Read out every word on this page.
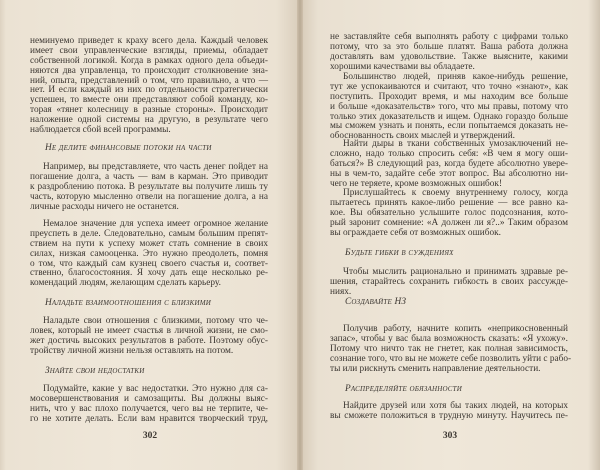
неминуемо приведет к краху всего дела. Каждый человек
имеет свои управленческие взгляды, приемы, обладает
собственной логикой. Когда в рамках одного дела объеди-
няются два управленца, то происходит столкновение зна-
ний, опыта, представлений о том, что правильно, а что —
нет. И если каждый из них по отдельности стратегически
успешен, то вместе они представляют собой команду, ко-
торая «тянет колесницу в разные стороны». Происходит
наложение одной системы на другую, в результате чего
наблюдается сбой всей программы.
Не делите финансовые потоки на части
Например, вы представляете, что часть денег пойдет на
погашение долга, а часть — вам в карман. Это приводит
к раздроблению потока. В результате вы получите лишь ту
часть, которую мысленно отвели на погашение долга, а на
личные расходы ничего не останется.
Немалое значение для успеха имеет огромное желание
преуспеть в деле. Следовательно, самым большим препят-
ствием на пути к успеху может стать сомнение в своих
силах, низкая самооценка. Это нужно преодолеть, помня
о том, что каждый сам кузнец своего счастья и, соответ-
ственно, благосостояния. Я хочу дать еще несколько ре-
комендаций людям, желающим сделать карьеру.
Наладьте взаимоотношения с близкими
Наладьте свои отношения с близкими, потому что че-
ловек, который не имеет счастья в личной жизни, не смо-
жет достичь высоких результатов в работе. Поэтому обус-
тройству личной жизни нельзя оставлять на потом.
Знайте свои недостатки
Подумайте, какие у вас недостатки. Это нужно для са-
мосовершенствования и самозащиты. Вы должны выяс-
нить, что у вас плохо получается, чего вы не терпите, че-
го не хотите делать. Если вам нравится творческий труд,
302
не заставляйте себя выполнять работу с цифрами только
потому, что за это больше платят. Ваша работа должна
доставлять вам удовольствие. Также выясните, какими
хорошими качествами вы обладаете.
Большинство людей, приняв какое-нибудь решение,
тут же успокаиваются и считают, что точно «знают», как
поступить. Проходит время, и мы находим все больше
и больше «доказательств» того, что мы правы, потому что
только этих доказательств и ищем. Однако гораздо больше
мы сможем узнать и понять, если попытаемся доказать не-
обоснованность своих мыслей и утверждений.
Найти дыры в ткани собственных умозаключений не-
сложно, надо только спросить себя: «В чем я могу оши-
баться?» В следующий раз, когда будете абсолютно увере-
ны в чем-то, задайте себе этот вопрос. Вы абсолютно ни-
чего не теряете, кроме возможных ошибок!
Прислушайтесь к своему внутреннему голосу, когда
пытаетесь принять какое-либо решение — все равно ка-
кое. Вы обязательно услышите голос подсознания, кото-
рый заронит сомнение: «А должен ли я?..» Таким образом
вы ограждаете себя от возможных ошибок.
Будьте гибки в суждениях
Чтобы мыслить рационально и принимать здравые ре-
шения, старайтесь сохранить гибкость в своих рассужде-
ниях.
Создавайте НЗ
Получив работу, начните копить «неприкосновенный
запас», чтобы у вас была возможность сказать: «Я ухожу».
Потому что ничто так не гнетет, как полная зависимость,
сознание того, что вы не можете себе позволить уйти с рабо-
ты или рискнуть сменить направление деятельности.
Распределяйте обязанности
Найдите друзей или хотя бы таких людей, на которых
вы сможете положиться в трудную минуту. Научитесь пе-
303
